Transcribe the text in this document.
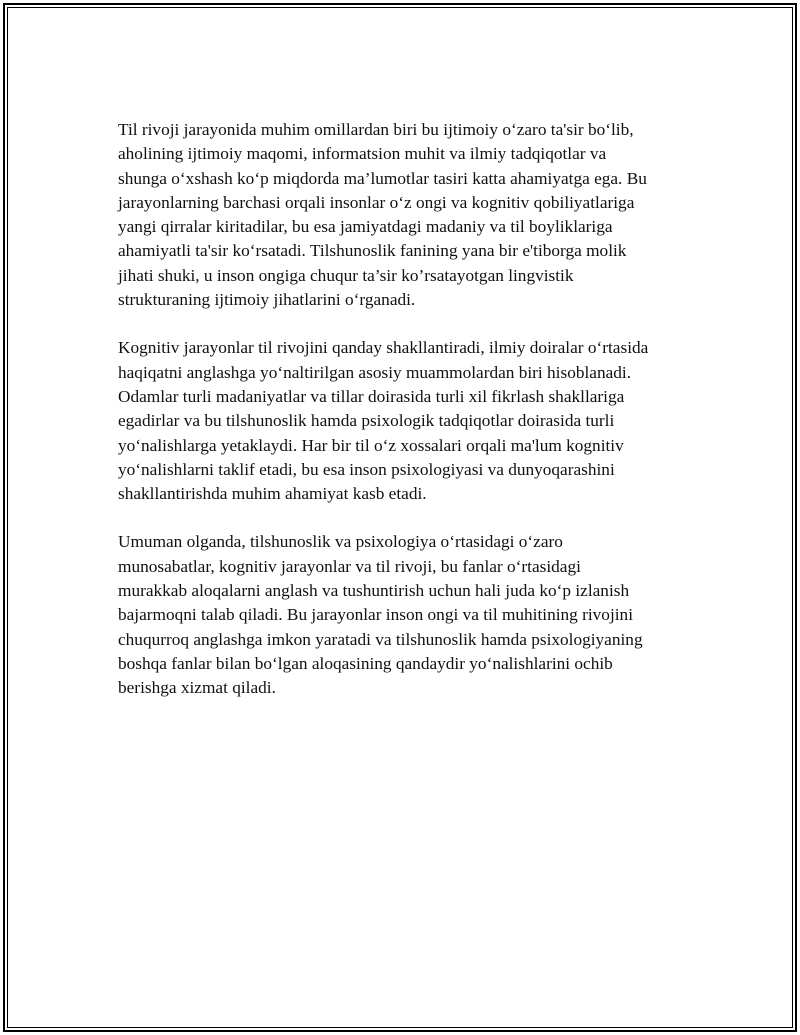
Til rivoji jarayonida muhim omillardan biri bu ijtimoiy o‘zaro ta'sir bo‘lib,
aholining ijtimoiy maqomi, informatsion muhit va ilmiy tadqiqotlar va
shunga o‘xshash ko‘p miqdorda ma’lumotlar tasiri katta ahamiyatga ega. Bu
jarayonlarning barchasi orqali insonlar o‘z ongi va kognitiv qobiliyatlariga
yangi qirralar kiritadilar, bu esa jamiyatdagi madaniy va til boyliklariga
ahamiyatli ta'sir ko‘rsatadi. Tilshunoslik fanining yana bir e'tiborga molik
jihati shuki, u inson ongiga chuqur ta’sir ko’rsatayotgan lingvistik
strukturaning ijtimoiy jihatlarini o‘rganadi.

Kognitiv jarayonlar til rivojini qanday shakllantiradi, ilmiy doiralar o‘rtasida
haqiqatni anglashga yo‘naltirilgan asosiy muammolardan biri hisoblanadi.
Odamlar turli madaniyatlar va tillar doirasida turli xil fikrlash shakllariga
egadirlar va bu tilshunoslik hamda psixologik tadqiqotlar doirasida turli
yo‘nalishlarga yetaklaydi. Har bir til o‘z xossalari orqali ma'lum kognitiv
yo‘nalishlarni taklif etadi, bu esa inson psixologiyasi va dunyoqarashini
shakllantirishda muhim ahamiyat kasb etadi.

Umuman olganda, tilshunoslik va psixologiya o‘rtasidagi o‘zaro
munosabatlar, kognitiv jarayonlar va til rivoji, bu fanlar o‘rtasidagi
murakkab aloqalarni anglash va tushuntirish uchun hali juda ko‘p izlanish
bajarmoqni talab qiladi. Bu jarayonlar inson ongi va til muhitining rivojini
chuqurroq anglashga imkon yaratadi va tilshunoslik hamda psixologiyaning
boshqa fanlar bilan bo‘lgan aloqasining qandaydir yo‘nalishlarini ochib
berishga xizmat qiladi.
